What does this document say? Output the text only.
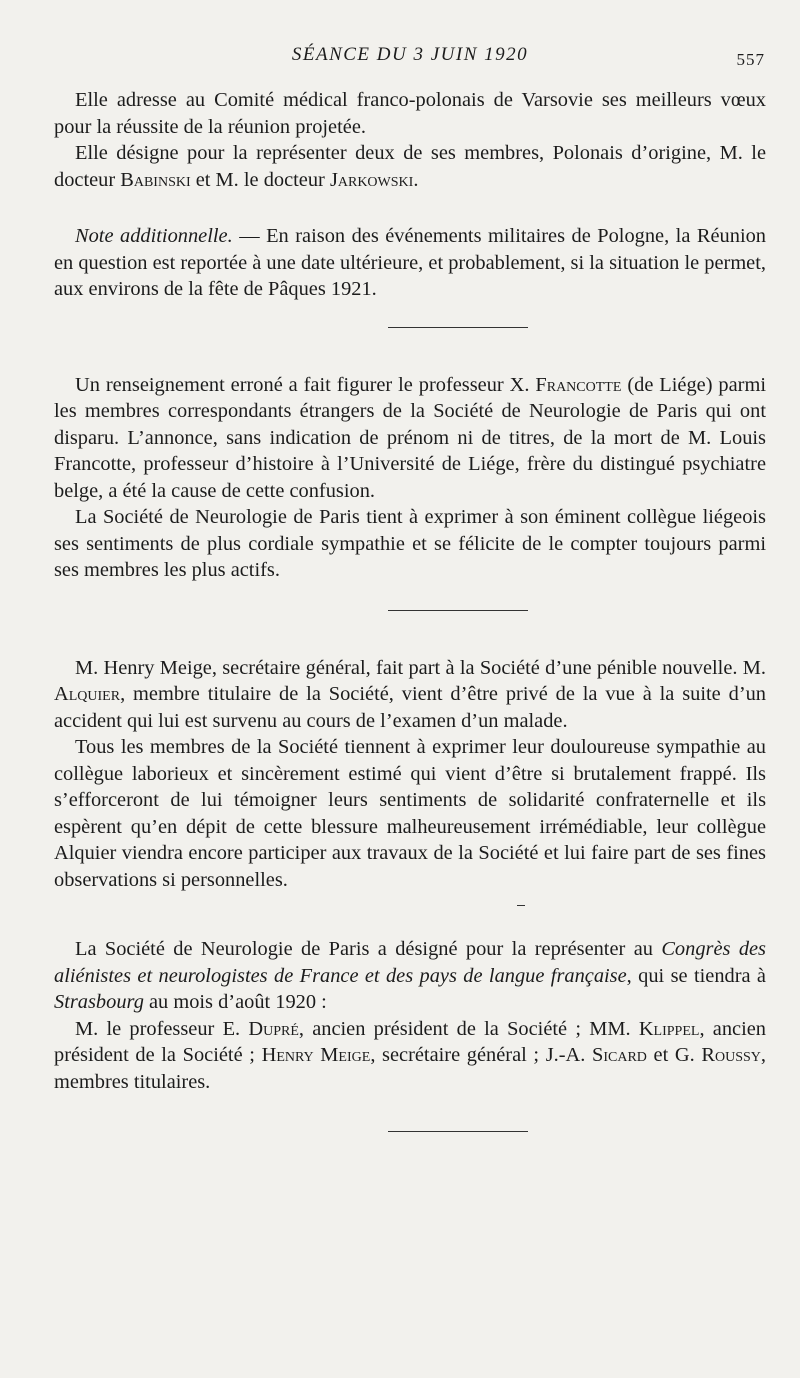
SÉANCE DU 3 JUIN 1920	557

Elle adresse au Comité médical franco-polonais de Varsovie ses meilleurs vœux pour la réussite de la réunion projetée.

Elle désigne pour la représenter deux de ses membres, Polonais d’origine, M. le docteur Babinski et M. le docteur Jarkowski.

Note additionnelle. — En raison des événements militaires de Pologne, la Réunion en question est reportée à une date ultérieure, et probablement, si la situation le permet, aux environs de la fête de Pâques 1921.

Un renseignement erroné a fait figurer le professeur X. Francotte (de Liége) parmi les membres correspondants étrangers de la Société de Neurologie de Paris qui ont disparu. L’annonce, sans indication de prénom ni de titres, de la mort de M. Louis Francotte, professeur d’histoire à l’Université de Liége, frère du distingué psychiatre belge, a été la cause de cette confusion.

La Société de Neurologie de Paris tient à exprimer à son éminent collègue liégeois ses sentiments de plus cordiale sympathie et se félicite de le compter toujours parmi ses membres les plus actifs.

M. Henry Meige, secrétaire général, fait part à la Société d’une pénible nouvelle. M. Alquier, membre titulaire de la Société, vient d’être privé de la vue à la suite d’un accident qui lui est survenu au cours de l’examen d’un malade.

Tous les membres de la Société tiennent à exprimer leur douloureuse sympathie au collègue laborieux et sincèrement estimé qui vient d’être si brutalement frappé. Ils s’efforceront de lui témoigner leurs sentiments de solidarité confraternelle et ils espèrent qu’en dépit de cette blessure malheureusement irrémédiable, leur collègue Alquier viendra encore participer aux travaux de la Société et lui faire part de ses fines observations si personnelles.

La Société de Neurologie de Paris a désigné pour la représenter au Congrès des aliénistes et neurologistes de France et des pays de langue française, qui se tiendra à Strasbourg au mois d’août 1920 :

M. le professeur E. Dupré, ancien président de la Société ; MM. Klippel, ancien président de la Société ; Henry Meige, secrétaire général ; J.-A. Sicard et G. Roussy, membres titulaires.
